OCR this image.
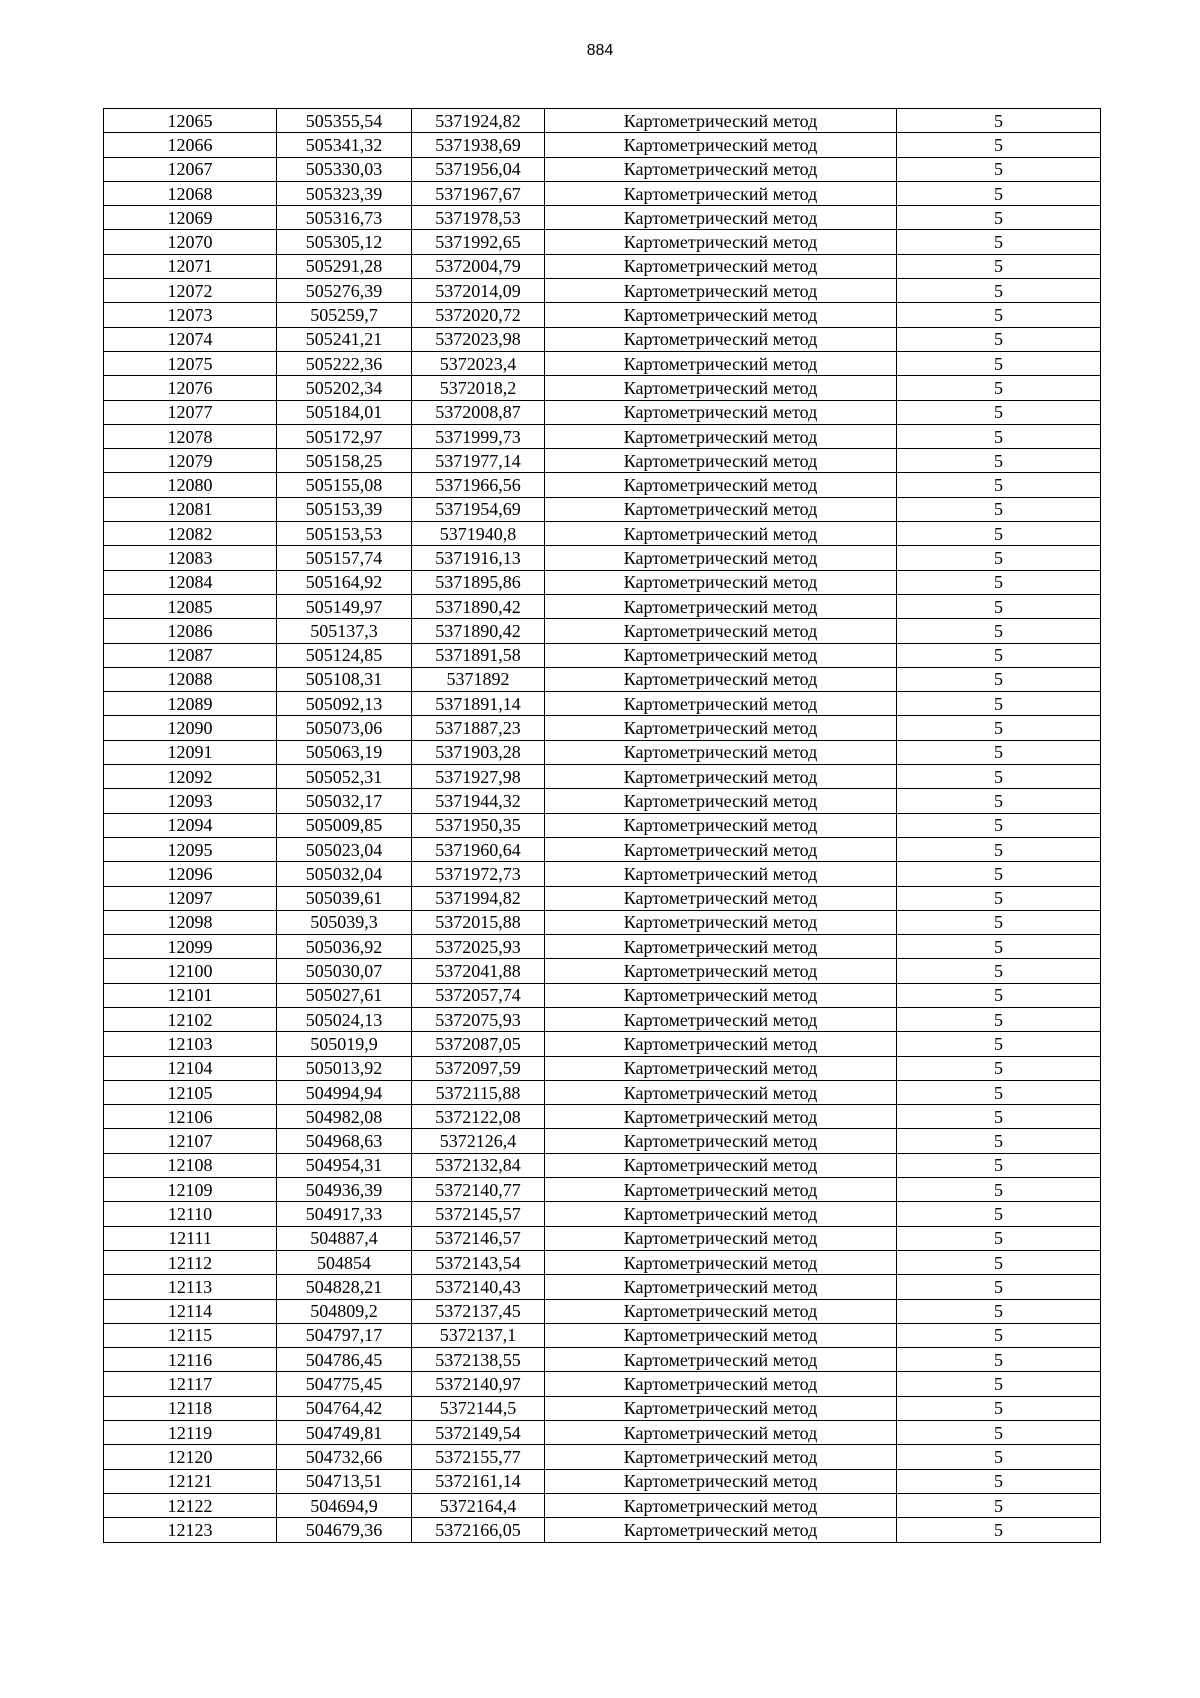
884
12065	505355,54	5371924,82	Картометрический метод	5
12066	505341,32	5371938,69	Картометрический метод	5
12067	505330,03	5371956,04	Картометрический метод	5
12068	505323,39	5371967,67	Картометрический метод	5
12069	505316,73	5371978,53	Картометрический метод	5
12070	505305,12	5371992,65	Картометрический метод	5
12071	505291,28	5372004,79	Картометрический метод	5
12072	505276,39	5372014,09	Картометрический метод	5
12073	505259,7	5372020,72	Картометрический метод	5
12074	505241,21	5372023,98	Картометрический метод	5
12075	505222,36	5372023,4	Картометрический метод	5
12076	505202,34	5372018,2	Картометрический метод	5
12077	505184,01	5372008,87	Картометрический метод	5
12078	505172,97	5371999,73	Картометрический метод	5
12079	505158,25	5371977,14	Картометрический метод	5
12080	505155,08	5371966,56	Картометрический метод	5
12081	505153,39	5371954,69	Картометрический метод	5
12082	505153,53	5371940,8	Картометрический метод	5
12083	505157,74	5371916,13	Картометрический метод	5
12084	505164,92	5371895,86	Картометрический метод	5
12085	505149,97	5371890,42	Картометрический метод	5
12086	505137,3	5371890,42	Картометрический метод	5
12087	505124,85	5371891,58	Картометрический метод	5
12088	505108,31	5371892	Картометрический метод	5
12089	505092,13	5371891,14	Картометрический метод	5
12090	505073,06	5371887,23	Картометрический метод	5
12091	505063,19	5371903,28	Картометрический метод	5
12092	505052,31	5371927,98	Картометрический метод	5
12093	505032,17	5371944,32	Картометрический метод	5
12094	505009,85	5371950,35	Картометрический метод	5
12095	505023,04	5371960,64	Картометрический метод	5
12096	505032,04	5371972,73	Картометрический метод	5
12097	505039,61	5371994,82	Картометрический метод	5
12098	505039,3	5372015,88	Картометрический метод	5
12099	505036,92	5372025,93	Картометрический метод	5
12100	505030,07	5372041,88	Картометрический метод	5
12101	505027,61	5372057,74	Картометрический метод	5
12102	505024,13	5372075,93	Картометрический метод	5
12103	505019,9	5372087,05	Картометрический метод	5
12104	505013,92	5372097,59	Картометрический метод	5
12105	504994,94	5372115,88	Картометрический метод	5
12106	504982,08	5372122,08	Картометрический метод	5
12107	504968,63	5372126,4	Картометрический метод	5
12108	504954,31	5372132,84	Картометрический метод	5
12109	504936,39	5372140,77	Картометрический метод	5
12110	504917,33	5372145,57	Картометрический метод	5
12111	504887,4	5372146,57	Картометрический метод	5
12112	504854	5372143,54	Картометрический метод	5
12113	504828,21	5372140,43	Картометрический метод	5
12114	504809,2	5372137,45	Картометрический метод	5
12115	504797,17	5372137,1	Картометрический метод	5
12116	504786,45	5372138,55	Картометрический метод	5
12117	504775,45	5372140,97	Картометрический метод	5
12118	504764,42	5372144,5	Картометрический метод	5
12119	504749,81	5372149,54	Картометрический метод	5
12120	504732,66	5372155,77	Картометрический метод	5
12121	504713,51	5372161,14	Картометрический метод	5
12122	504694,9	5372164,4	Картометрический метод	5
12123	504679,36	5372166,05	Картометрический метод	5
